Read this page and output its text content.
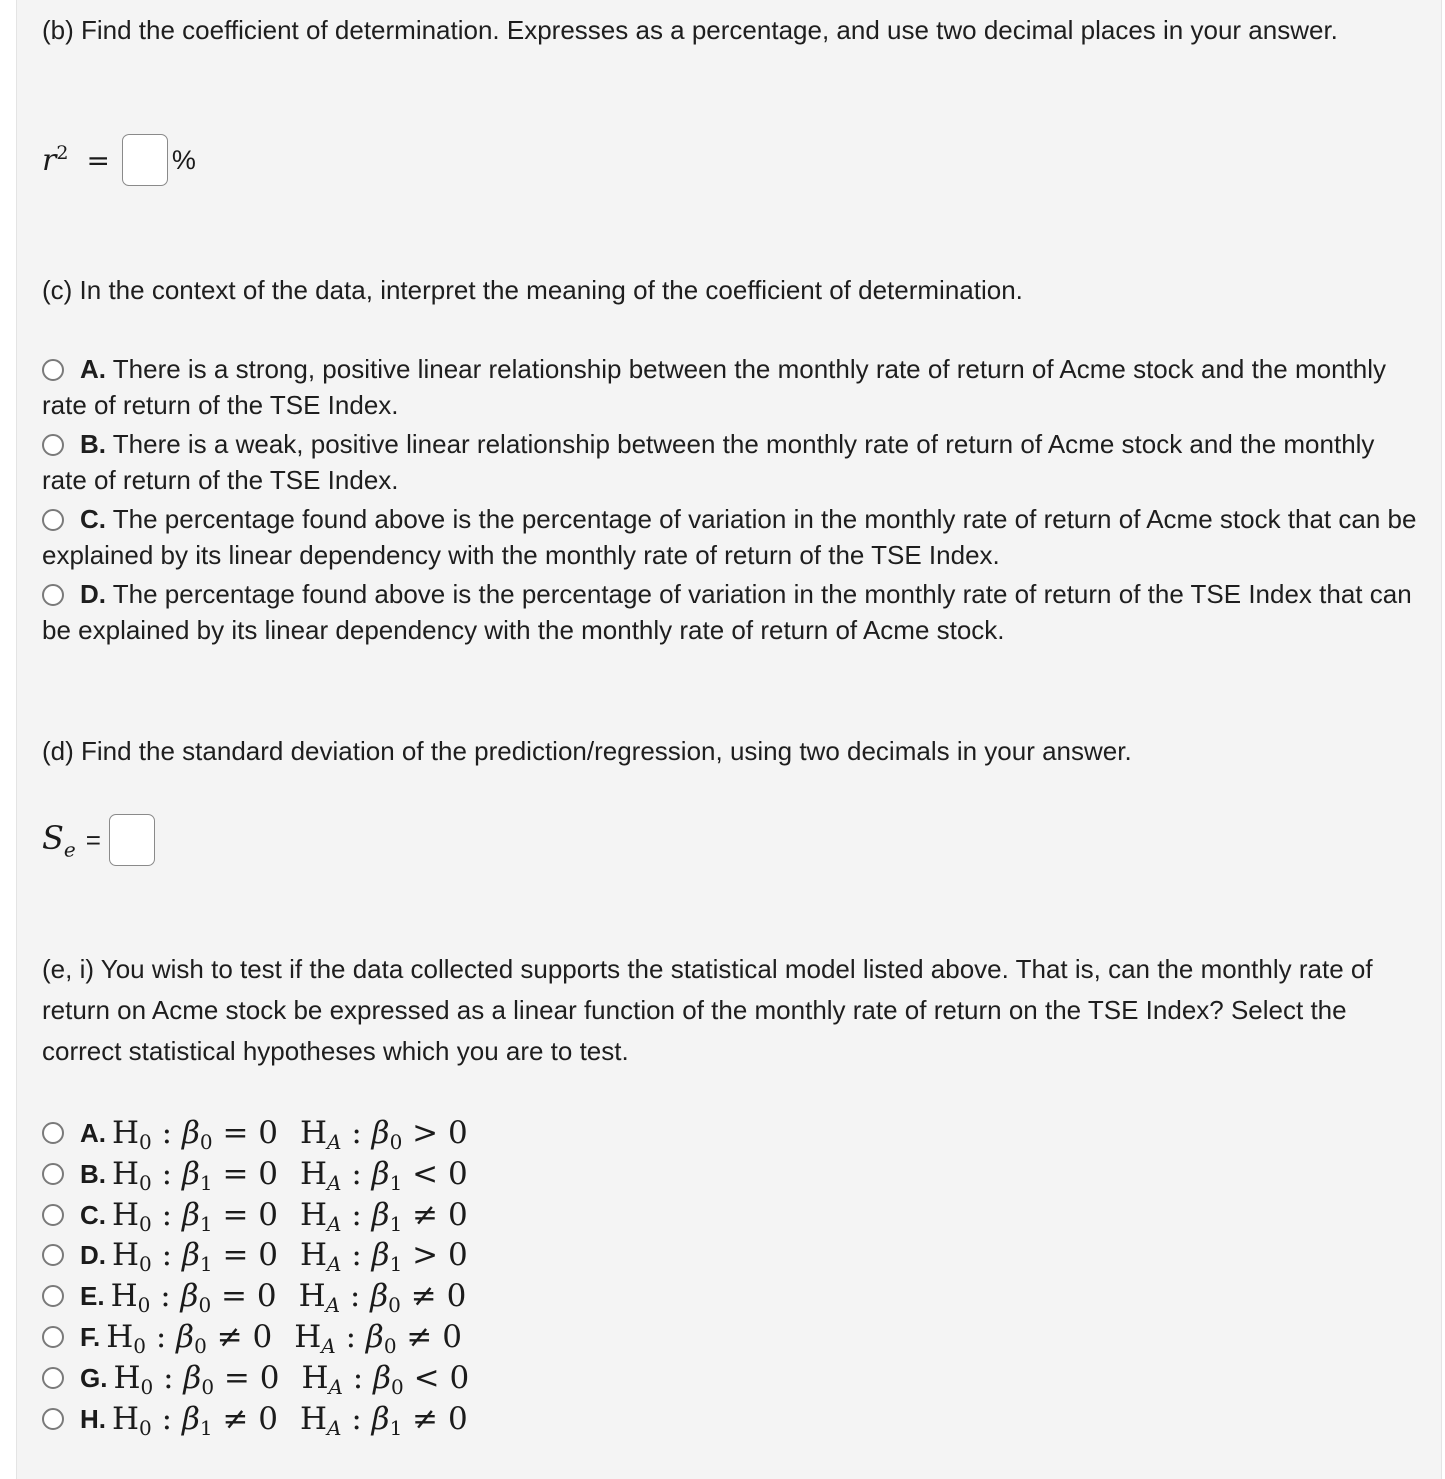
(b) Find the coefficient of determination. Expresses as a percentage, and use two decimal places in your answer.
$r^2$ = %
(c) In the context of the data, interpret the meaning of the coefficient of determination.
A. There is a strong, positive linear relationship between the monthly rate of return of Acme stock and the monthly rate of return of the TSE Index.
B. There is a weak, positive linear relationship between the monthly rate of return of Acme stock and the monthly rate of return of the TSE Index.
C. The percentage found above is the percentage of variation in the monthly rate of return of Acme stock that can be explained by its linear dependency with the monthly rate of return of the TSE Index.
D. The percentage found above is the percentage of variation in the monthly rate of return of the TSE Index that can be explained by its linear dependency with the monthly rate of return of Acme stock.
(d) Find the standard deviation of the prediction/regression, using two decimals in your answer.
$S_e$ =
(e, i) You wish to test if the data collected supports the statistical model listed above. That is, can the monthly rate of return on Acme stock be expressed as a linear function of the monthly rate of return on the TSE Index? Select the correct statistical hypotheses which you are to test.
A. $H_0$ : $\beta_0 = 0$ $H_A$ : $\beta_0 > 0$
B. $H_0$ : $\beta_1 = 0$ $H_A$ : $\beta_1 < 0$
C. $H_0$ : $\beta_1 = 0$ $H_A$ : $\beta_1 \ne 0$
D. $H_0$ : $\beta_1 = 0$ $H_A$ : $\beta_1 > 0$
E. $H_0$ : $\beta_0 = 0$ $H_A$ : $\beta_0 \ne 0$
F. $H_0$ : $\beta_0 \ne 0$ $H_A$ : $\beta_0 \ne 0$
G. $H_0$ : $\beta_0 = 0$ $H_A$ : $\beta_0 < 0$
H. $H_0$ : $\beta_1 \ne 0$ $H_A$ : $\beta_1 \ne 0$
